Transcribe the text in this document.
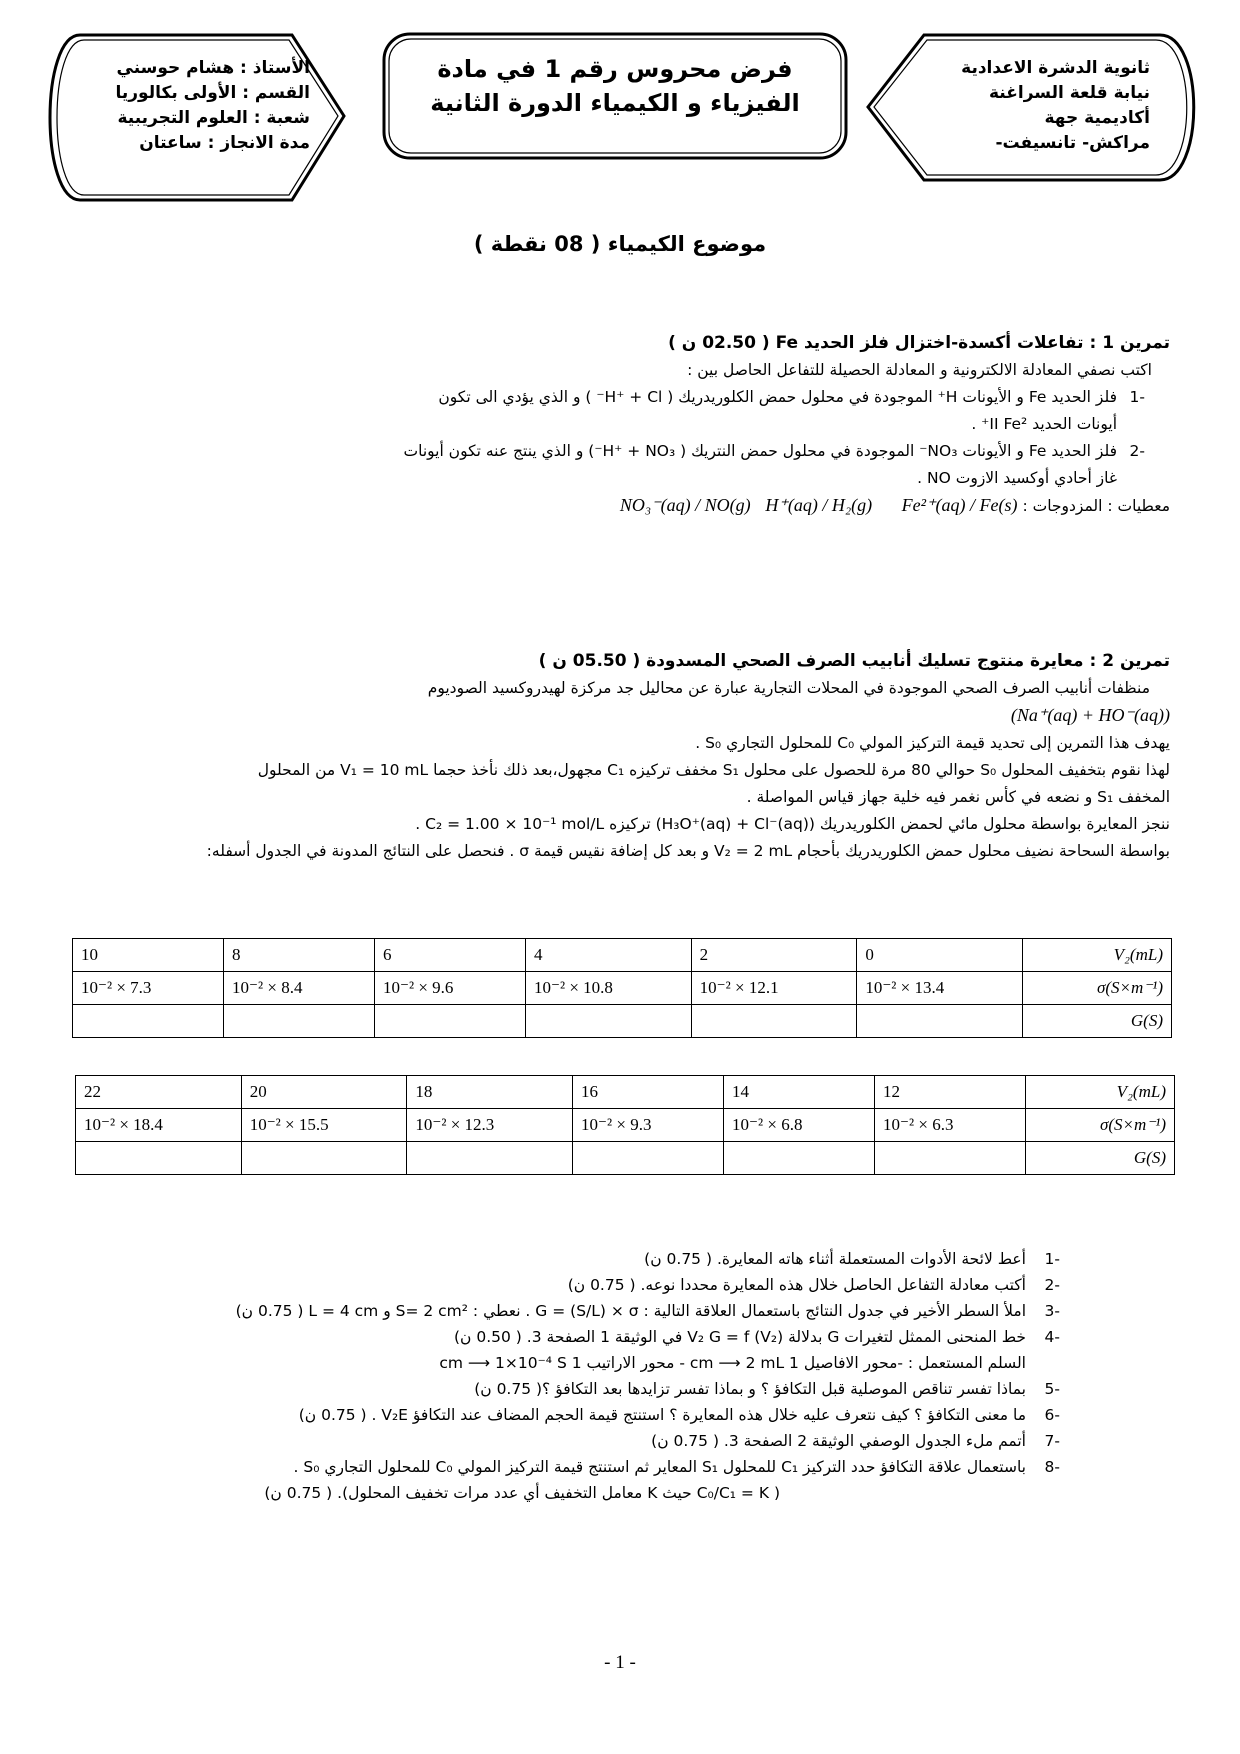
الأستاذ : هشام حوسني
القسم : الأولى بكالوريا
شعبة : العلوم التجريبية
مدة الانجاز : ساعتان
فرض محروس رقم 1 في مادة
الفيزياء و الكيمياء الدورة الثانية
ثانوية الدشرة الاعدادية
نيابة قلعة السراغنة
أكاديمية جهة
مراكش- تانسيفت-
موضوع الكيمياء ( 08 نقطة )
تمرين 1 : تفاعلات أكسدة-اختزال فلز الحديد Fe ( 02.50 ن )
اكتب نصفي المعادلة الالكترونية و المعادلة الحصيلة للتفاعل الحاصل بين :
-1
فلز الحديد Fe و الأيونات H⁺ الموجودة في محلول حمض الكلوريدريك ( H⁺ + Cl⁻ ) و الذي يؤدي الى تكون
أيونات الحديد II ‎Fe²⁺ .
-2
فلز الحديد Fe و الأيونات NO₃⁻ الموجودة في محلول حمض النتريك ( H⁺ + NO₃⁻) و الذي ينتج عنه تكون أيونات
غاز أحادي أوكسيد الازوت NO .
معطيات : المزدوجات : Fe²⁺(aq) / Fe(s)      H⁺(aq) / H₂(g)   NO₃⁻(aq) / NO(g)
تمرين 2 : معايرة منتوج تسليك أنابيب الصرف الصحي المسدودة ( 05.50 ن )
منظفات أنابيب الصرف الصحي الموجودة في المحلات التجارية عبارة عن محاليل جد مركزة لهيدروكسيد الصوديوم
(Na⁺(aq) + HO⁻(aq))
يهدف هذا التمرين إلى تحديد قيمة التركيز المولي C₀ للمحلول التجاري S₀ .
لهذا نقوم بتخفيف المحلول S₀ حوالي 80 مرة للحصول على محلول S₁ مخفف تركيزه C₁ مجهول،بعد ذلك نأخذ حجما V₁ = 10 mL من المحلول
المخفف S₁ و نضعه في كأس نغمر فيه خلية جهاز قياس المواصلة .
ننجز المعايرة بواسطة محلول مائي لحمض الكلوريدريك (H₃O⁺(aq) + Cl⁻(aq)) تركيزه C₂ = 1.00 × 10⁻¹ mol/L .
بواسطة السحاحة نضيف محلول حمض الكلوريدريك بأحجام V₂ = 2 mL و بعد كل إضافة نقيس قيمة σ . فنحصل على النتائج المدونة في الجدول أسفله:
V₂(mL)	0	2	4	6	8	10
σ(S×m⁻¹)	13.4 × 10⁻²	12.1 × 10⁻²	10.8 × 10⁻²	9.6 × 10⁻²	8.4 × 10⁻²	7.3 × 10⁻²
G(S)						
V₂(mL)	12	14	16	18	20	22
σ(S×m⁻¹)	6.3 × 10⁻²	6.8 × 10⁻²	9.3 × 10⁻²	12.3 × 10⁻²	15.5 × 10⁻²	18.4 × 10⁻²
G(S)						
-1
أعط لائحة الأدوات المستعملة أثناء هاته المعايرة. ( 0.75 ن)
-2
أكتب معادلة التفاعل الحاصل خلال هذه المعايرة محددا نوعه. ( 0.75 ن)
-3
املأ السطر الأخير في جدول النتائج باستعمال العلاقة التالية : G = (S/L) × σ . نعطي : S= 2 cm² و L = 4 cm ( 0.75 ن)
-4
خط المنحنى الممثل لتغيرات G بدلالة V₂ ‎G = f (V₂) في الوثيقة 1 الصفحة 3. ( 0.50 ن)
السلم المستعمل : -محور الافاصيل 1 cm ⟶ 2 mL - محور الاراتيب 1 cm ⟶ 1×10⁻⁴ S
-5
بماذا تفسر تناقص الموصلية قبل التكافؤ ؟ و بماذا تفسر تزايدها بعد التكافؤ ؟( 0.75 ن)
-6
ما معنى التكافؤ ؟ كيف نتعرف عليه خلال هذه المعايرة ؟ استنتج قيمة الحجم المضاف عند التكافؤ V₂E . ( 0.75 ن)
-7
أتمم ملء الجدول الوصفي الوثيقة 2 الصفحة 3. ( 0.75 ن)
-8
باستعمال علاقة التكافؤ حدد التركيز C₁ للمحلول S₁ المعاير ثم استنتج قيمة التركيز المولي C₀ للمحلول التجاري S₀ .
( C₀/C₁ = K حيث K معامل التخفيف أي عدد مرات تخفيف المحلول). ( 0.75 ن)
- 1 -
